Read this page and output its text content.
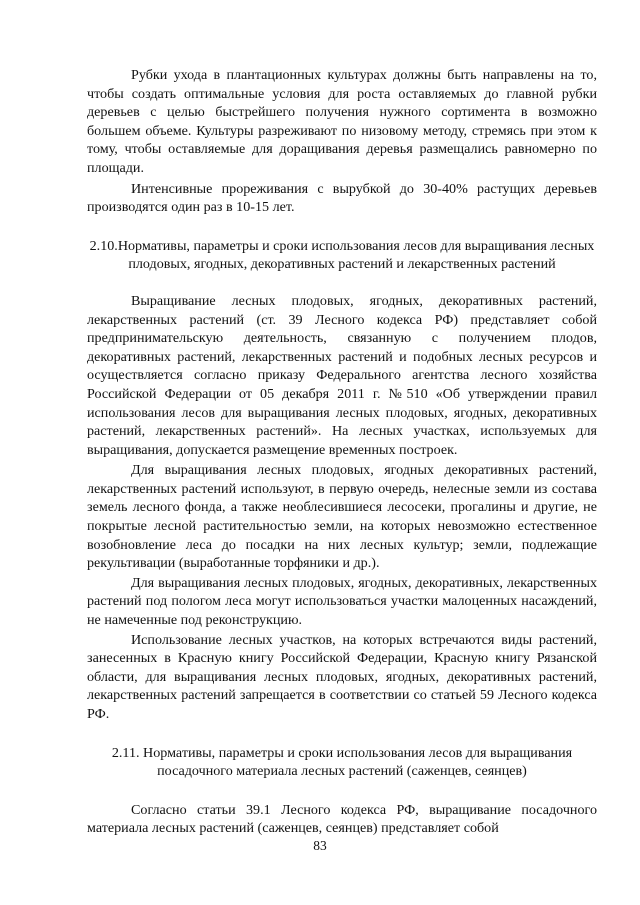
Рубки ухода в плантационных культурах должны быть направлены на то, чтобы создать оптимальные условия для роста оставляемых до главной рубки деревьев с целью быстрейшего получения нужного сортимента в возможно большем объеме. Культуры разреживают по низовому методу, стремясь при этом к тому, чтобы оставляемые для доращивания деревья размещались равномерно по площади.

Интенсивные прореживания с вырубкой до 30-40% растущих деревьев производятся один раз в 10-15 лет.

2.10.Нормативы, параметры и сроки использования лесов для выращивания лесных плодовых, ягодных, декоративных растений и лекарственных растений

Выращивание лесных плодовых, ягодных, декоративных растений, лекарственных растений (ст. 39 Лесного кодекса РФ) представляет собой предпринимательскую деятельность, связанную с получением плодов, декоративных растений, лекарственных растений и подобных лесных ресурсов и осуществляется согласно приказу Федерального агентства лесного хозяйства Российской Федерации от 05 декабря 2011 г. №510 «Об утверждении правил использования лесов для выращивания лесных плодовых, ягодных, декоративных растений, лекарственных растений». На лесных участках, используемых для выращивания, допускается размещение временных построек.

Для выращивания лесных плодовых, ягодных декоративных растений, лекарственных растений используют, в первую очередь, нелесные земли из состава земель лесного фонда, а также необлесившиеся лесосеки, прогалины и другие, не покрытые лесной растительностью земли, на которых невозможно естественное возобновление леса до посадки на них лесных культур; земли, подлежащие рекультивации (выработанные торфяники и др.).

Для выращивания лесных плодовых, ягодных, декоративных, лекарственных растений под пологом леса могут использоваться участки малоценных насаждений, не намеченные под реконструкцию.

Использование лесных участков, на которых встречаются виды растений, занесенных в Красную книгу Российской Федерации, Красную книгу Рязанской области, для выращивания лесных плодовых, ягодных, декоративных растений, лекарственных растений запрещается в соответствии со статьей 59 Лесного кодекса РФ.

2.11. Нормативы, параметры и сроки использования лесов для выращивания посадочного материала лесных растений (саженцев, сеянцев)

Согласно статьи 39.1 Лесного кодекса РФ, выращивание посадочного материала лесных растений (саженцев, сеянцев) представляет собой

83
